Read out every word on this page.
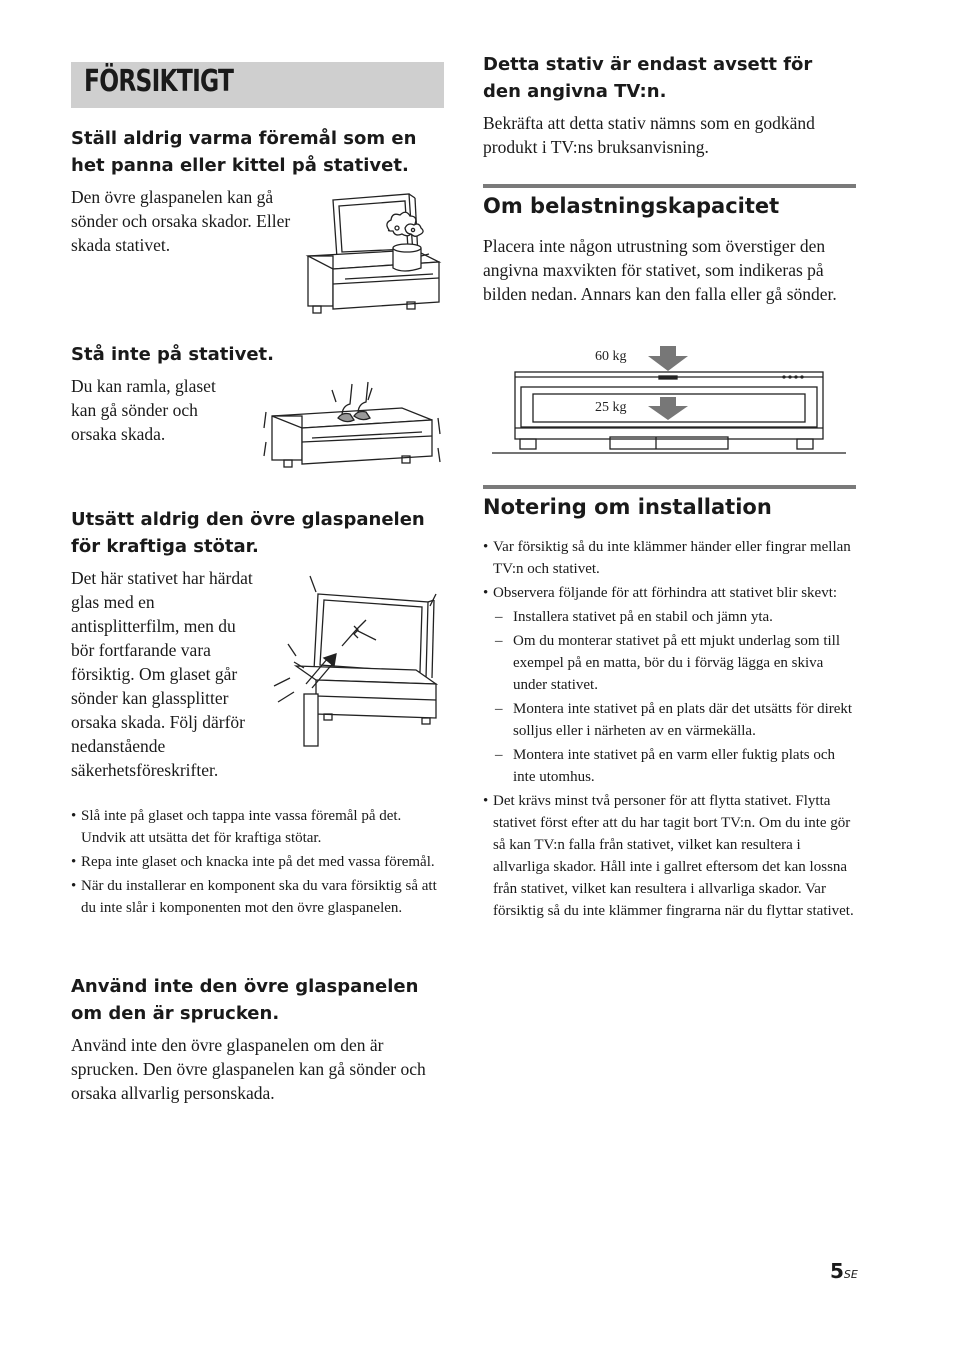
FÖRSIKTIGT
Ställ aldrig varma föremål som en het panna eller kittel på stativet.
Den övre glaspanelen kan gå sönder och orsaka skador. Eller skada stativet.
Stå inte på stativet.
Du kan ramla, glaset kan gå sönder och orsaka skada.
Utsätt aldrig den övre glaspanelen för kraftiga stötar.
Det här stativet har härdat glas med en antisplitterfilm, men du bör fortfarande vara försiktig. Om glaset går sönder kan glassplitter orsaka skada. Följ därför nedanstående säkerhetsföreskrifter.
• Slå inte på glaset och tappa inte vassa föremål på det. Undvik att utsätta det för kraftiga stötar.
• Repa inte glaset och knacka inte på det med vassa föremål.
• När du installerar en komponent ska du vara försiktig så att du inte slår i komponenten mot den övre glaspanelen.
Använd inte den övre glaspanelen om den är sprucken.
Använd inte den övre glaspanelen om den är sprucken. Den övre glaspanelen kan gå sönder och orsaka allvarlig personskada.
Detta stativ är endast avsett för den angivna TV:n.
Bekräfta att detta stativ nämns som en godkänd produkt i TV:ns bruksanvisning.
Om belastningskapacitet
Placera inte någon utrustning som överstiger den angivna maxvikten för stativet, som indikeras på bilden nedan. Annars kan den falla eller gå sönder.
60 kg
25 kg
Notering om installation
• Var försiktig så du inte klämmer händer eller fingrar mellan TV:n och stativet.
• Observera följande för att förhindra att stativet blir skevt:
– Installera stativet på en stabil och jämn yta.
– Om du monterar stativet på ett mjukt underlag som till exempel på en matta, bör du i förväg lägga en skiva under stativet.
– Montera inte stativet på en plats där det utsätts för direkt solljus eller i närheten av en värmekälla.
– Montera inte stativet på en varm eller fuktig plats och inte utomhus.
• Det krävs minst två personer för att flytta stativet. Flytta stativet först efter att du har tagit bort TV:n. Om du inte gör så kan TV:n falla från stativet, vilket kan resultera i allvarliga skador. Håll inte i gallret eftersom det kan lossna från stativet, vilket kan resultera i allvarliga skador. Var försiktig så du inte klämmer fingrarna när du flyttar stativet.
5SE
